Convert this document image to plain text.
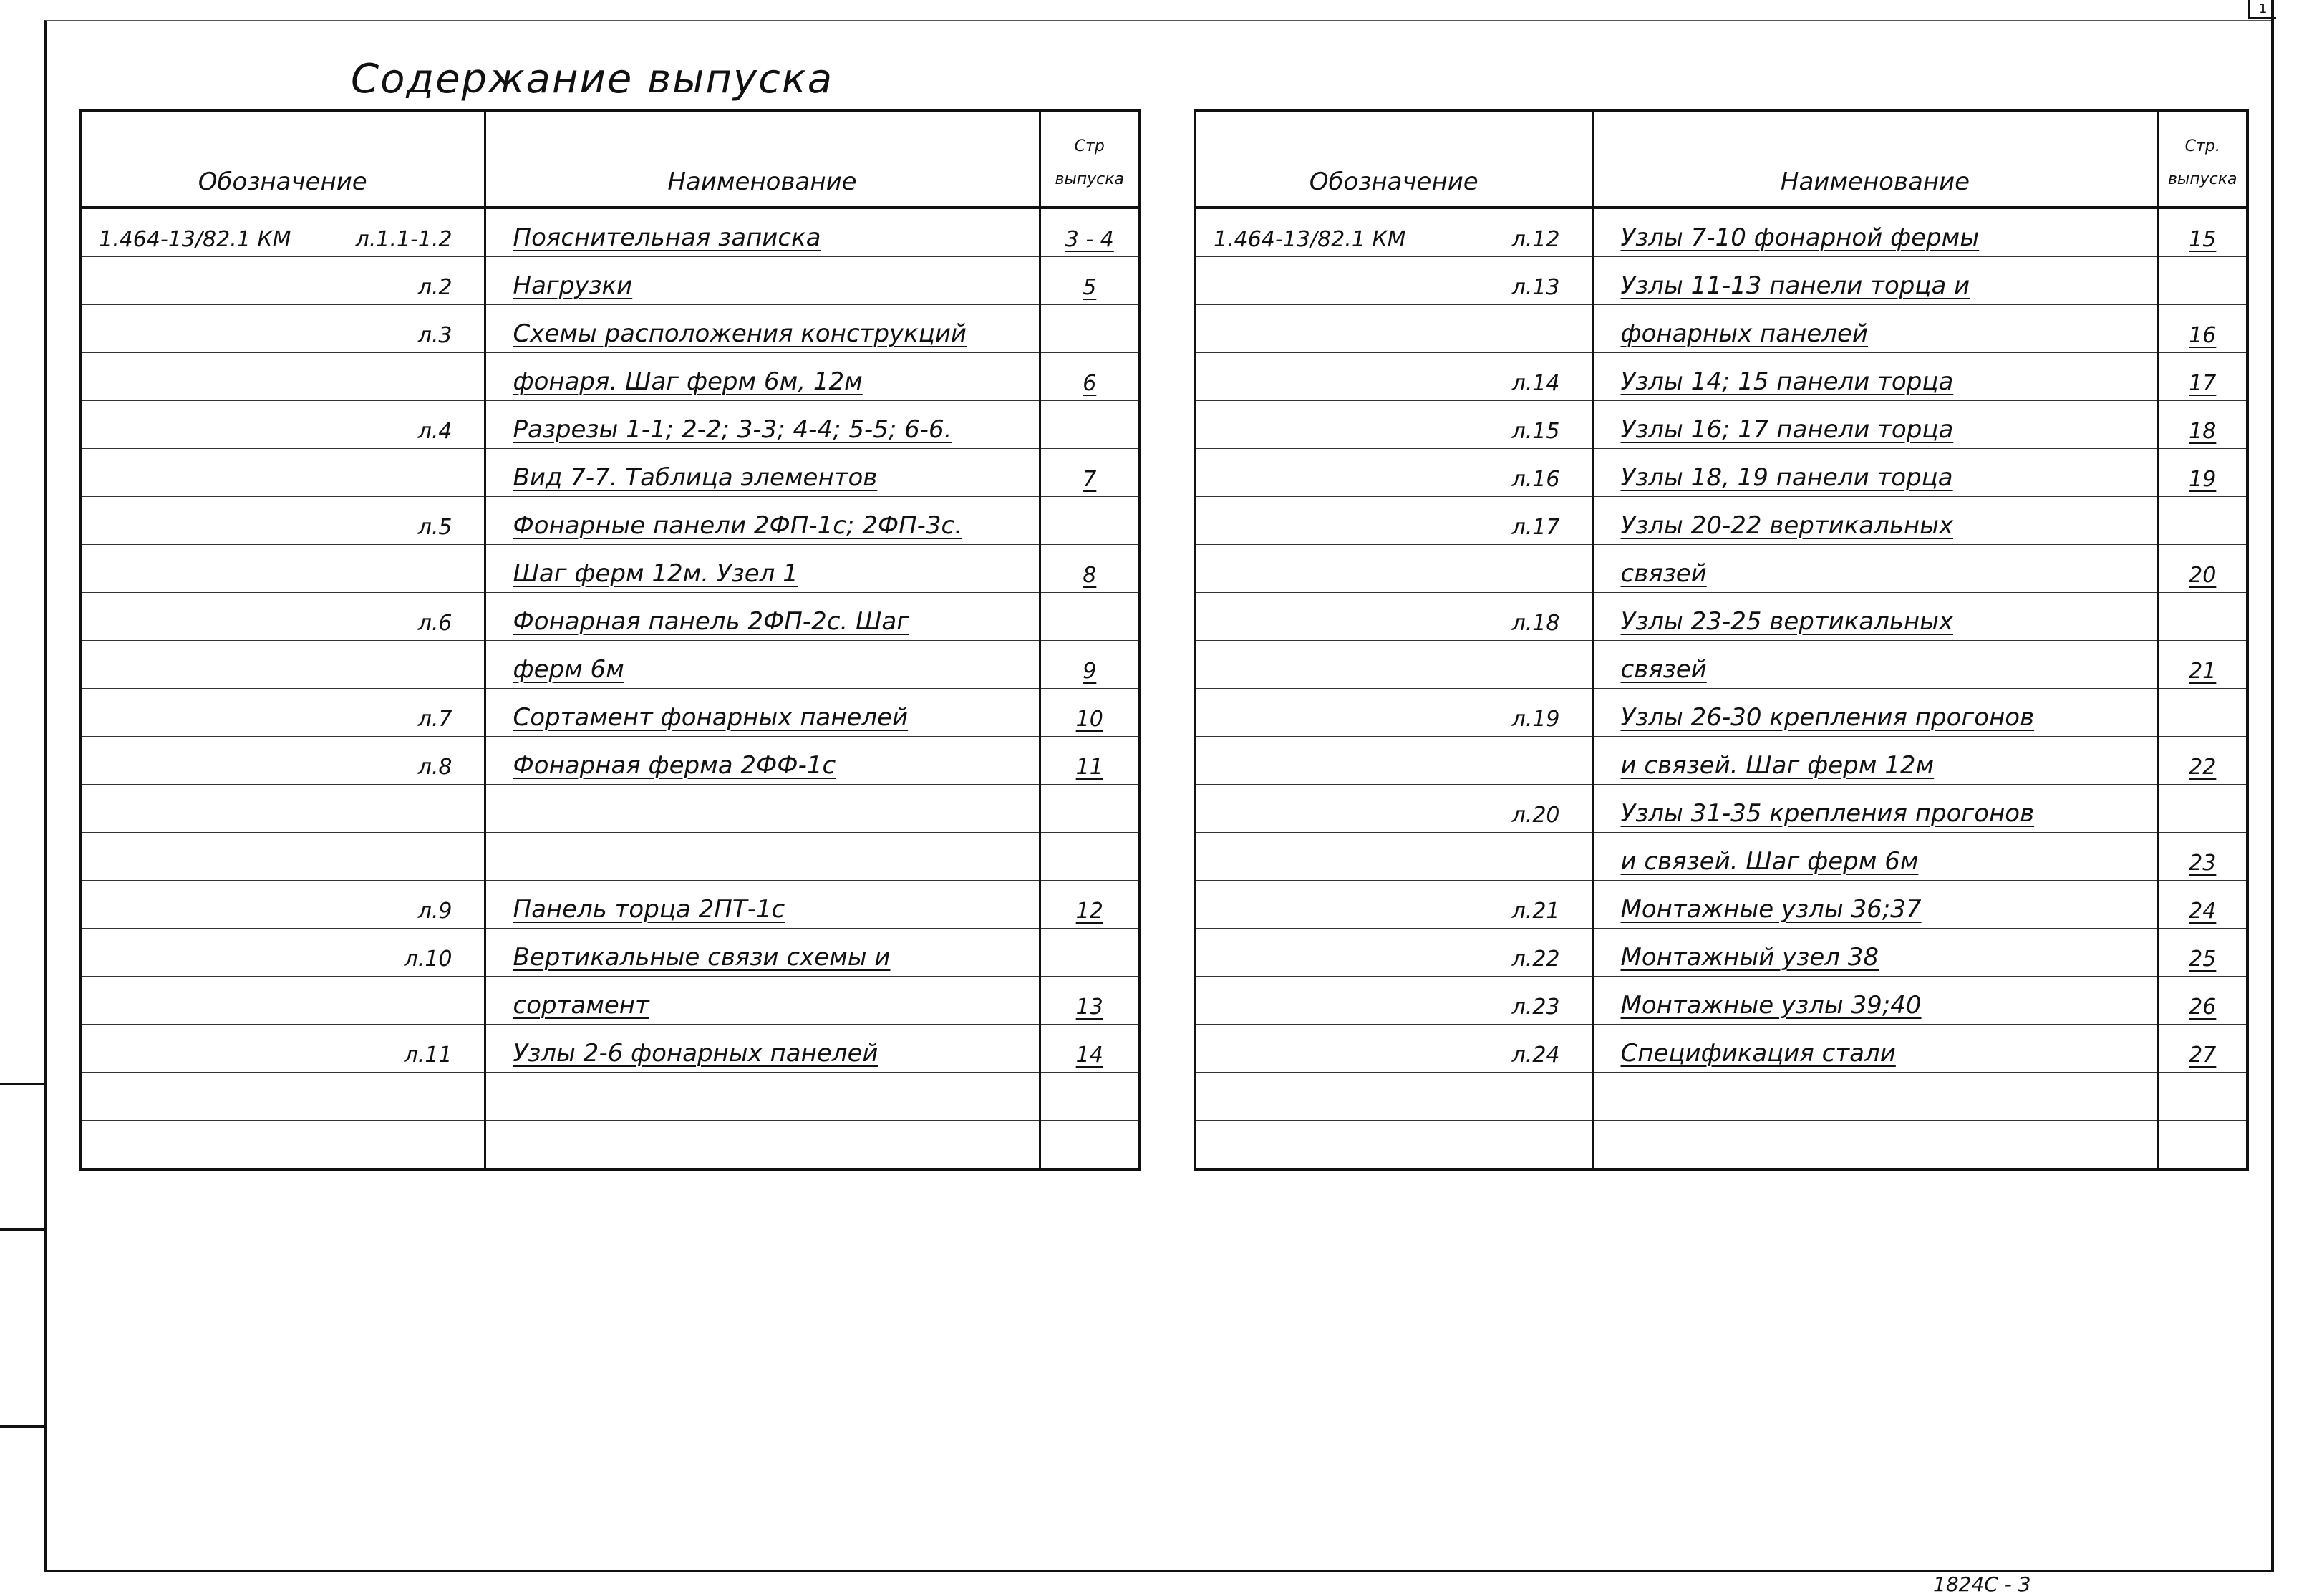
1
Содержание выпуска
Обозначение	Наименование	Стр
выпуска

1.464-13/82.1 КМ л.1.1-1.2	Пояснительная записка	3 - 4

л.2	Нагрузки	5

л.3	Схемы расположения конструкций	

	фонаря. Шаг ферм 6м, 12м	6

л.4	Разрезы 1-1; 2-2; 3-3; 4-4; 5-5; 6-6.	

	Вид 7-7. Таблица элементов	7

л.5	Фонарные панели 2ФП-1с; 2ФП-3с.	

	Шаг ферм 12м. Узел 1	8

л.6	Фонарная панель 2ФП-2с. Шаг	

	ферм 6м	9

л.7	Сортамент фонарных панелей	10

л.8	Фонарная ферма 2ФФ-1с	11

л.9	Панель торца 2ПТ-1с	12

л.10	Вертикальные связи схемы и	

	сортамент	13

л.11	Узлы 2-6 фонарных панелей	14

Обозначение	Наименование	Стр.
выпуска

1.464-13/82.1 КМ л.12	Узлы 7-10 фонарной фермы	15

л.13	Узлы 11-13 панели торца и	

	фонарных панелей	16

л.14	Узлы 14; 15 панели торца	17

л.15	Узлы 16; 17 панели торца	18

л.16	Узлы 18, 19 панели торца	19

л.17	Узлы 20-22 вертикальных	

	связей	20

л.18	Узлы 23-25 вертикальных	

	связей	21

л.19	Узлы 26-30 крепления прогонов	

	и связей. Шаг ферм 12м	22

л.20	Узлы 31-35 крепления прогонов	

	и связей. Шаг ферм 6м	23

л.21	Монтажные узлы 36;37	24

л.22	Монтажный узел 38	25

л.23	Монтажные узлы 39;40	26

л.24	Спецификация стали	27

1824С - 3
